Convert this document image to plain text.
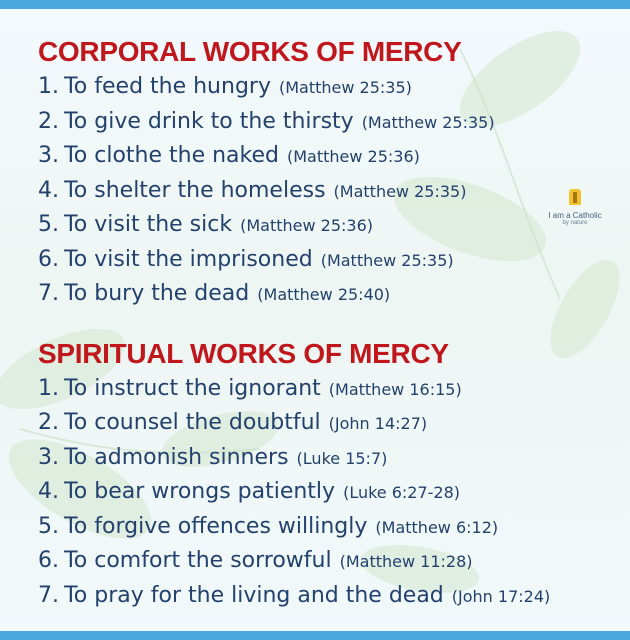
I am a Catholic
by nature
CORPORAL WORKS OF MERCY
1. To feed the hungry (Matthew 25:35)
2. To give drink to the thirsty (Matthew 25:35)
3. To clothe the naked (Matthew 25:36)
4. To shelter the homeless (Matthew 25:35)
5. To visit the sick (Matthew 25:36)
6. To visit the imprisoned (Matthew 25:35)
7. To bury the dead (Matthew 25:40)
SPIRITUAL WORKS OF MERCY
1. To instruct the ignorant (Matthew 16:15)
2. To counsel the doubtful (John 14:27)
3. To admonish sinners (Luke 15:7)
4. To bear wrongs patiently (Luke 6:27-28)
5. To forgive offences willingly (Matthew 6:12)
6. To comfort the sorrowful (Matthew 11:28)
7. To pray for the living and the dead (John 17:24)
